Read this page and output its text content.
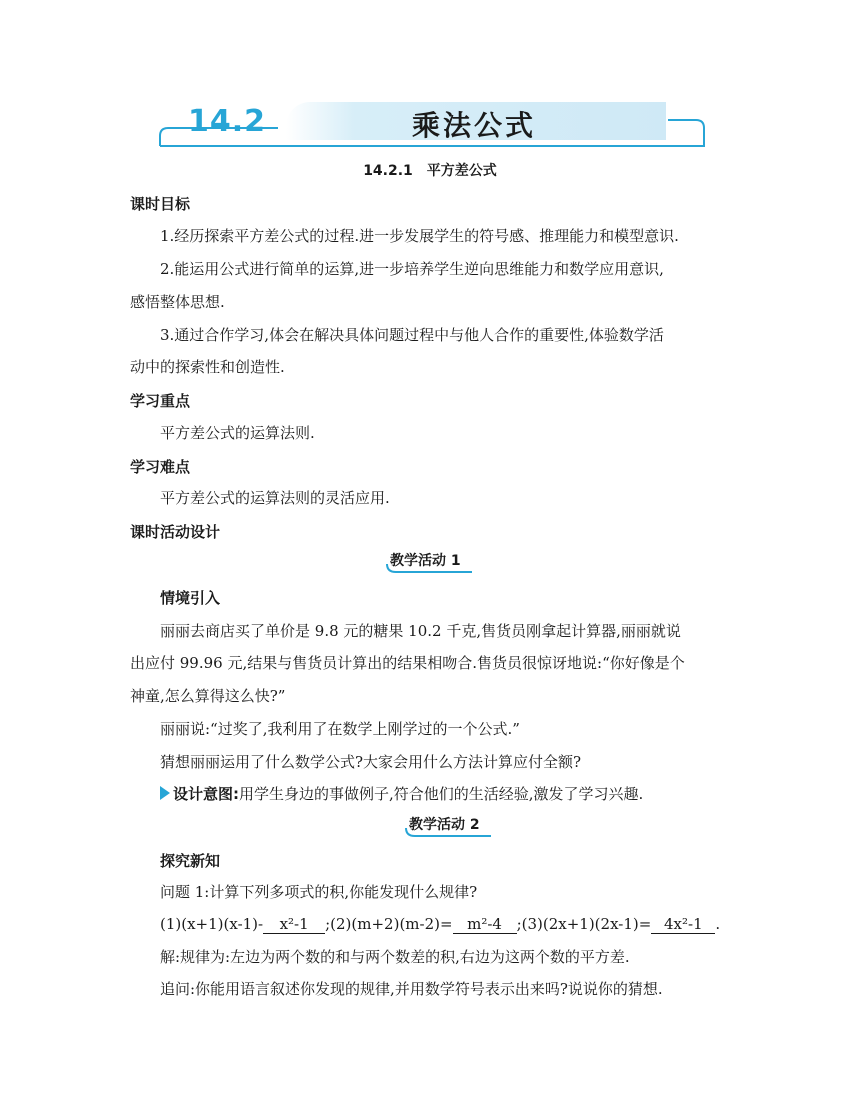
14.2	乘法公式
14.2.1　平方差公式
课时目标
1.经历探索平方差公式的过程.进一步发展学生的符号感、推理能力和模型意识.
2.能运用公式进行简单的运算,进一步培养学生逆向思维能力和数学应用意识,
感悟整体思想.
3.通过合作学习,体会在解决具体问题过程中与他人合作的重要性,体验数学活
动中的探索性和创造性.
学习重点
平方差公式的运算法则.
学习难点
平方差公式的运算法则的灵活应用.
课时活动设计
教学活动 1
情境引入
丽丽去商店买了单价是 9.8 元的糖果 10.2 千克,售货员刚拿起计算器,丽丽就说
出应付 99.96 元,结果与售货员计算出的结果相吻合.售货员很惊讶地说:“你好像是个
神童,怎么算得这么快?”
丽丽说:“过奖了,我利用了在数学上刚学过的一个公式.”
猜想丽丽运用了什么数学公式?大家会用什么方法计算应付全额?
设计意图:用学生身边的事做例子,符合他们的生活经验,激发了学习兴趣.
教学活动 2
探究新知
问题 1:计算下列多项式的积,你能发现什么规律?
(1)(x+1)(x-1)- x²-1 ;(2)(m+2)(m-2)= m²-4 ;(3)(2x+1)(2x-1)= 4x²-1 .
解:规律为:左边为两个数的和与两个数差的积,右边为这两个数的平方差.
追问:你能用语言叙述你发现的规律,并用数学符号表示出来吗?说说你的猜想.
